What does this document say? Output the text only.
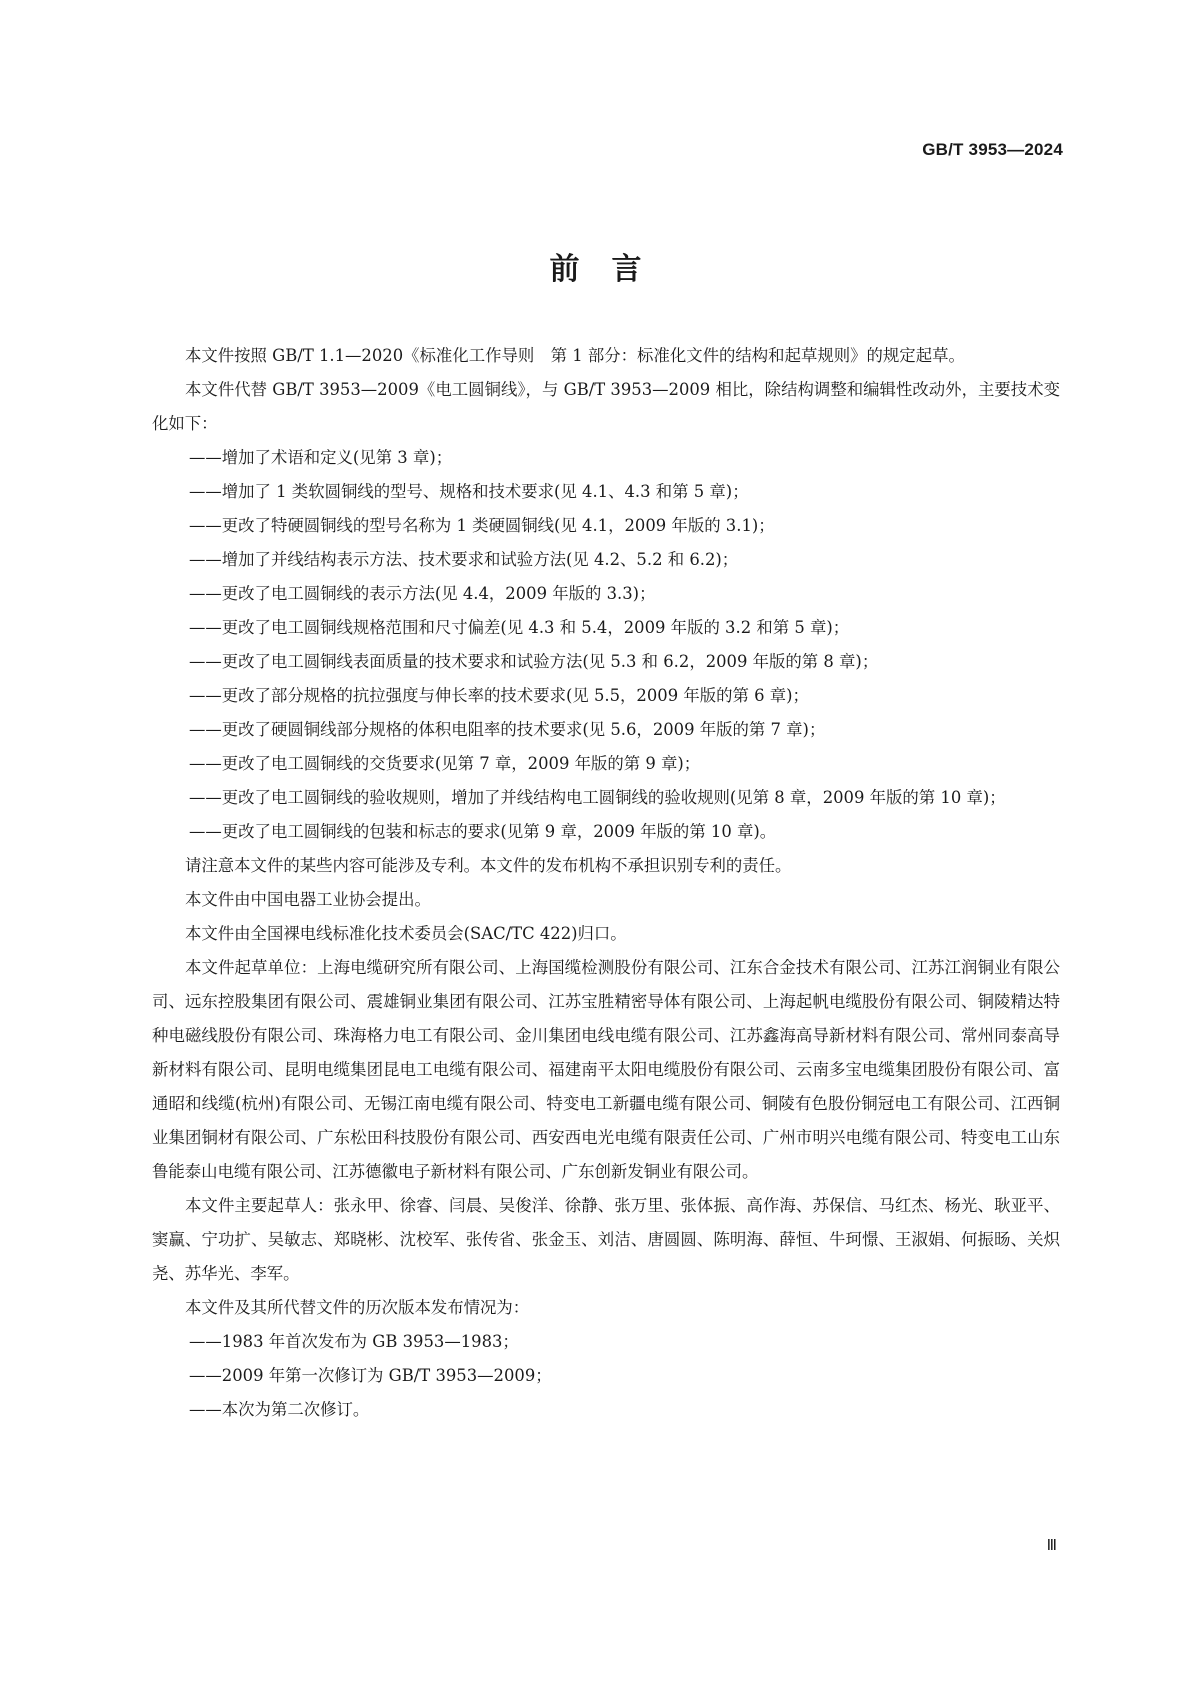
GB/T 3953—2024
前 言

本文件按照 GB/T 1.1—2020《标准化工作导则　第 1 部分：标准化文件的结构和起草规则》的规定起草。

本文件代替 GB/T 3953—2009《电工圆铜线》，与 GB/T 3953—2009 相比，除结构调整和编辑性改动外，主要技术变化如下：

——增加了术语和定义(见第 3 章)；

——增加了 1 类软圆铜线的型号、规格和技术要求(见 4.1、4.3 和第 5 章)；

——更改了特硬圆铜线的型号名称为 1 类硬圆铜线(见 4.1，2009 年版的 3.1)；

——增加了并线结构表示方法、技术要求和试验方法(见 4.2、5.2 和 6.2)；

——更改了电工圆铜线的表示方法(见 4.4，2009 年版的 3.3)；

——更改了电工圆铜线规格范围和尺寸偏差(见 4.3 和 5.4，2009 年版的 3.2 和第 5 章)；

——更改了电工圆铜线表面质量的技术要求和试验方法(见 5.3 和 6.2，2009 年版的第 8 章)；

——更改了部分规格的抗拉强度与伸长率的技术要求(见 5.5，2009 年版的第 6 章)；

——更改了硬圆铜线部分规格的体积电阻率的技术要求(见 5.6，2009 年版的第 7 章)；

——更改了电工圆铜线的交货要求(见第 7 章，2009 年版的第 9 章)；

——更改了电工圆铜线的验收规则，增加了并线结构电工圆铜线的验收规则(见第 8 章，2009 年版的第 10 章)；

——更改了电工圆铜线的包装和标志的要求(见第 9 章，2009 年版的第 10 章)。

请注意本文件的某些内容可能涉及专利。本文件的发布机构不承担识别专利的责任。

本文件由中国电器工业协会提出。

本文件由全国裸电线标准化技术委员会(SAC/TC 422)归口。

本文件起草单位：上海电缆研究所有限公司、上海国缆检测股份有限公司、江东合金技术有限公司、江苏江润铜业有限公司、远东控股集团有限公司、震雄铜业集团有限公司、江苏宝胜精密导体有限公司、上海起帆电缆股份有限公司、铜陵精达特种电磁线股份有限公司、珠海格力电工有限公司、金川集团电线电缆有限公司、江苏鑫海高导新材料有限公司、常州同泰高导新材料有限公司、昆明电缆集团昆电工电缆有限公司、福建南平太阳电缆股份有限公司、云南多宝电缆集团股份有限公司、富通昭和线缆(杭州)有限公司、无锡江南电缆有限公司、特变电工新疆电缆有限公司、铜陵有色股份铜冠电工有限公司、江西铜业集团铜材有限公司、广东松田科技股份有限公司、西安西电光电缆有限责任公司、广州市明兴电缆有限公司、特变电工山东鲁能泰山电缆有限公司、江苏德徽电子新材料有限公司、广东创新发铜业有限公司。

本文件主要起草人：张永甲、徐睿、闫晨、吴俊洋、徐静、张万里、张体振、高作海、苏保信、马红杰、杨光、耿亚平、窦赢、宁功扩、吴敏志、郑晓彬、沈校军、张传省、张金玉、刘洁、唐圆圆、陈明海、薛恒、牛珂憬、王淑娟、何振旸、关炽尧、苏华光、李军。

本文件及其所代替文件的历次版本发布情况为：

——1983 年首次发布为 GB 3953—1983；

——2009 年第一次修订为 GB/T 3953—2009；

——本次为第二次修订。

Ⅲ
